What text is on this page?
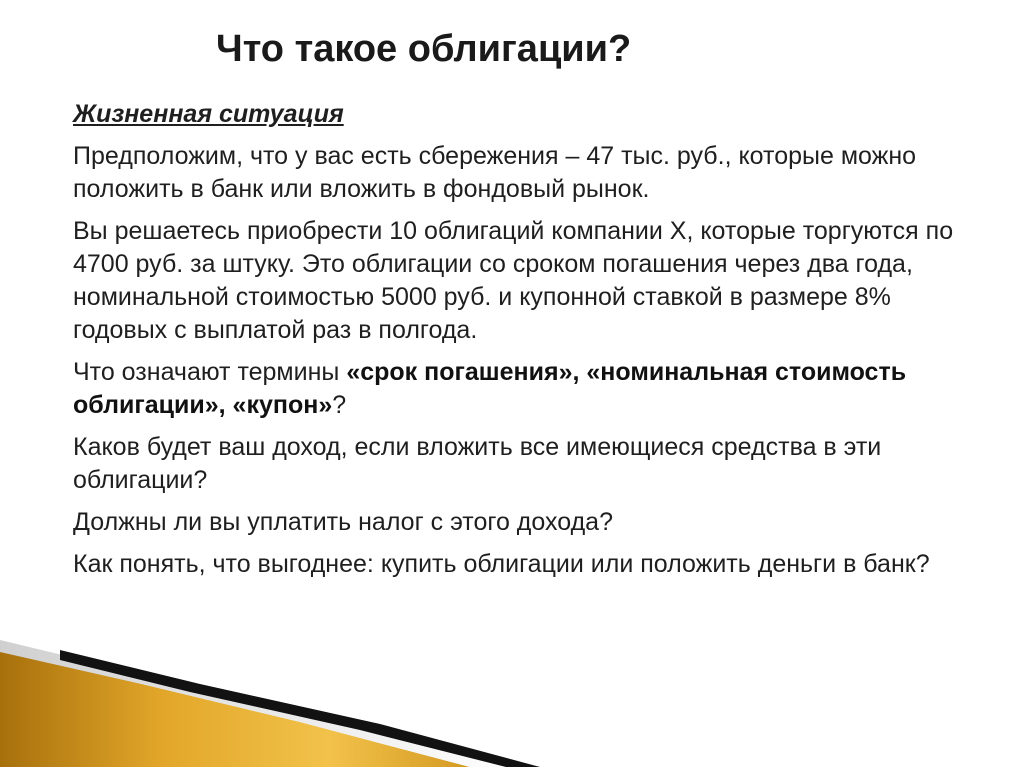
Что такое облигации?

Жизненная ситуация

Предположим, что у вас есть сбережения – 47 тыс. руб., которые можно положить в банк или вложить в фондовый рынок.

Вы решаетесь приобрести 10 облигаций компании Х, которые торгуются по 4700 руб. за штуку. Это облигации со сроком погашения через два года, номинальной стоимостью 5000 руб. и купонной ставкой в размере 8% годовых с выплатой раз в полгода.

Что означают термины «срок погашения», «номинальная стоимость облигации», «купон»?

Каков будет ваш доход, если вложить все имеющиеся средства в эти облигации?

Должны ли вы уплатить налог с этого дохода?

Как понять, что выгоднее: купить облигации или положить деньги в банк?
